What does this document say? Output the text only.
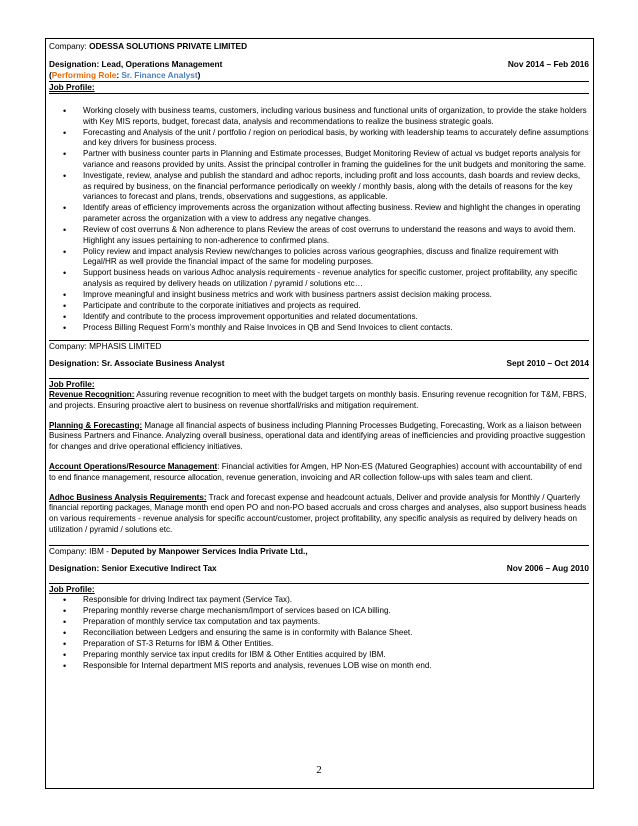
Company: ODESSA SOLUTIONS PRIVATE LIMITED
Designation: Lead, Operations Management	Nov 2014 – Feb 2016
(Performing Role: Sr. Finance Analyst)
Job Profile:
• Working closely with business teams, customers, including various business and functional units of organization, to provide the stake holders with Key MIS reports, budget, forecast data, analysis and recommendations to realize the business strategic goals.
• Forecasting and Analysis of the unit / portfolio / region on periodical basis, by working with leadership teams to accurately define assumptions and key drivers for business process.
• Partner with business counter parts in Planning and Estimate processes, Budget Monitoring Review of actual vs budget reports analysis for variance and reasons provided by units. Assist the principal controller in framing the guidelines for the unit budgets and monitoring the same.
• Investigate, review, analyse and publish the standard and adhoc reports, including profit and loss accounts, dash boards and review decks, as required by business, on the financial performance periodically on weekly / monthly basis, along with the details of reasons for the key variances to forecast and plans, trends, observations and suggestions, as applicable.
• Identify areas of efficiency improvements across the organization without affecting business. Review and highlight the changes in operating parameter across the organization with a view to address any negative changes.
• Review of cost overruns & Non adherence to plans Review the areas of cost overruns to understand the reasons and ways to avoid them. Highlight any issues pertaining to non-adherence to confirmed plans.
• Policy review and impact analysis Review new/changes to policies across various geographies, discuss and finalize requirement with Legal/HR as well provide the financial impact of the same for modeling purposes.
• Support business heads on various Adhoc analysis requirements - revenue analytics for specific customer, project profitability, any specific analysis as required by delivery heads on utilization / pyramid / solutions etc…
• Improve meaningful and insight business metrics and work with business partners assist decision making process.
• Participate and contribute to the corporate initiatives and projects as required.
• Identify and contribute to the process improvement opportunities and related documentations.
• Process Billing Request Form’s monthly and Raise Invoices in QB and Send Invoices to client contacts.
Company: MPHASIS LIMITED
Designation: Sr. Associate Business Analyst	Sept 2010 – Oct 2014
Job Profile:

Revenue Recognition: Assuring revenue recognition to meet with the budget targets on monthly basis. Ensuring revenue recognition for T&M, FBRS, and projects. Ensuring proactive alert to business on revenue shortfall/risks and mitigation requirement.

Planning & Forecasting: Manage all financial aspects of business including Planning Processes Budgeting, Forecasting, Work as a liaison between Business Partners and Finance. Analyzing overall business, operational data and identifying areas of inefficiencies and providing proactive suggestion for changes and drive operational efficiency initiatives.

Account Operations/Resource Management: Financial activities for Amgen, HP Non-ES (Matured Geographies) account with accountability of end to end finance management, resource allocation, revenue generation, invoicing and AR collection follow-ups with sales team and client.

Adhoc Business Analysis Requirements: Track and forecast expense and headcount actuals, Deliver and provide analysis for Monthly / Quarterly financial reporting packages, Manage month end open PO and non-PO based accruals and cross charges and analyses, also support business heads on various requirements - revenue analysis for specific account/customer, project profitability, any specific analysis as required by delivery heads on utilization / pyramid / solutions etc.

Company: IBM - Deputed by Manpower Services India Private Ltd.,
Designation: Senior Executive Indirect Tax	Nov 2006 – Aug 2010
Job Profile:
• Responsible for driving Indirect tax payment (Service Tax).
• Preparing monthly reverse charge mechanism/Import of services based on ICA billing.
• Preparation of monthly service tax computation and tax payments.
• Reconciliation between Ledgers and ensuring the same is in conformity with Balance Sheet.
• Preparation of ST-3 Returns for IBM & Other Entities.
• Preparing monthly service tax input credits for IBM & Other Entities acquired by IBM.
• Responsible for Internal department MIS reports and analysis, revenues LOB wise on month end.
2
